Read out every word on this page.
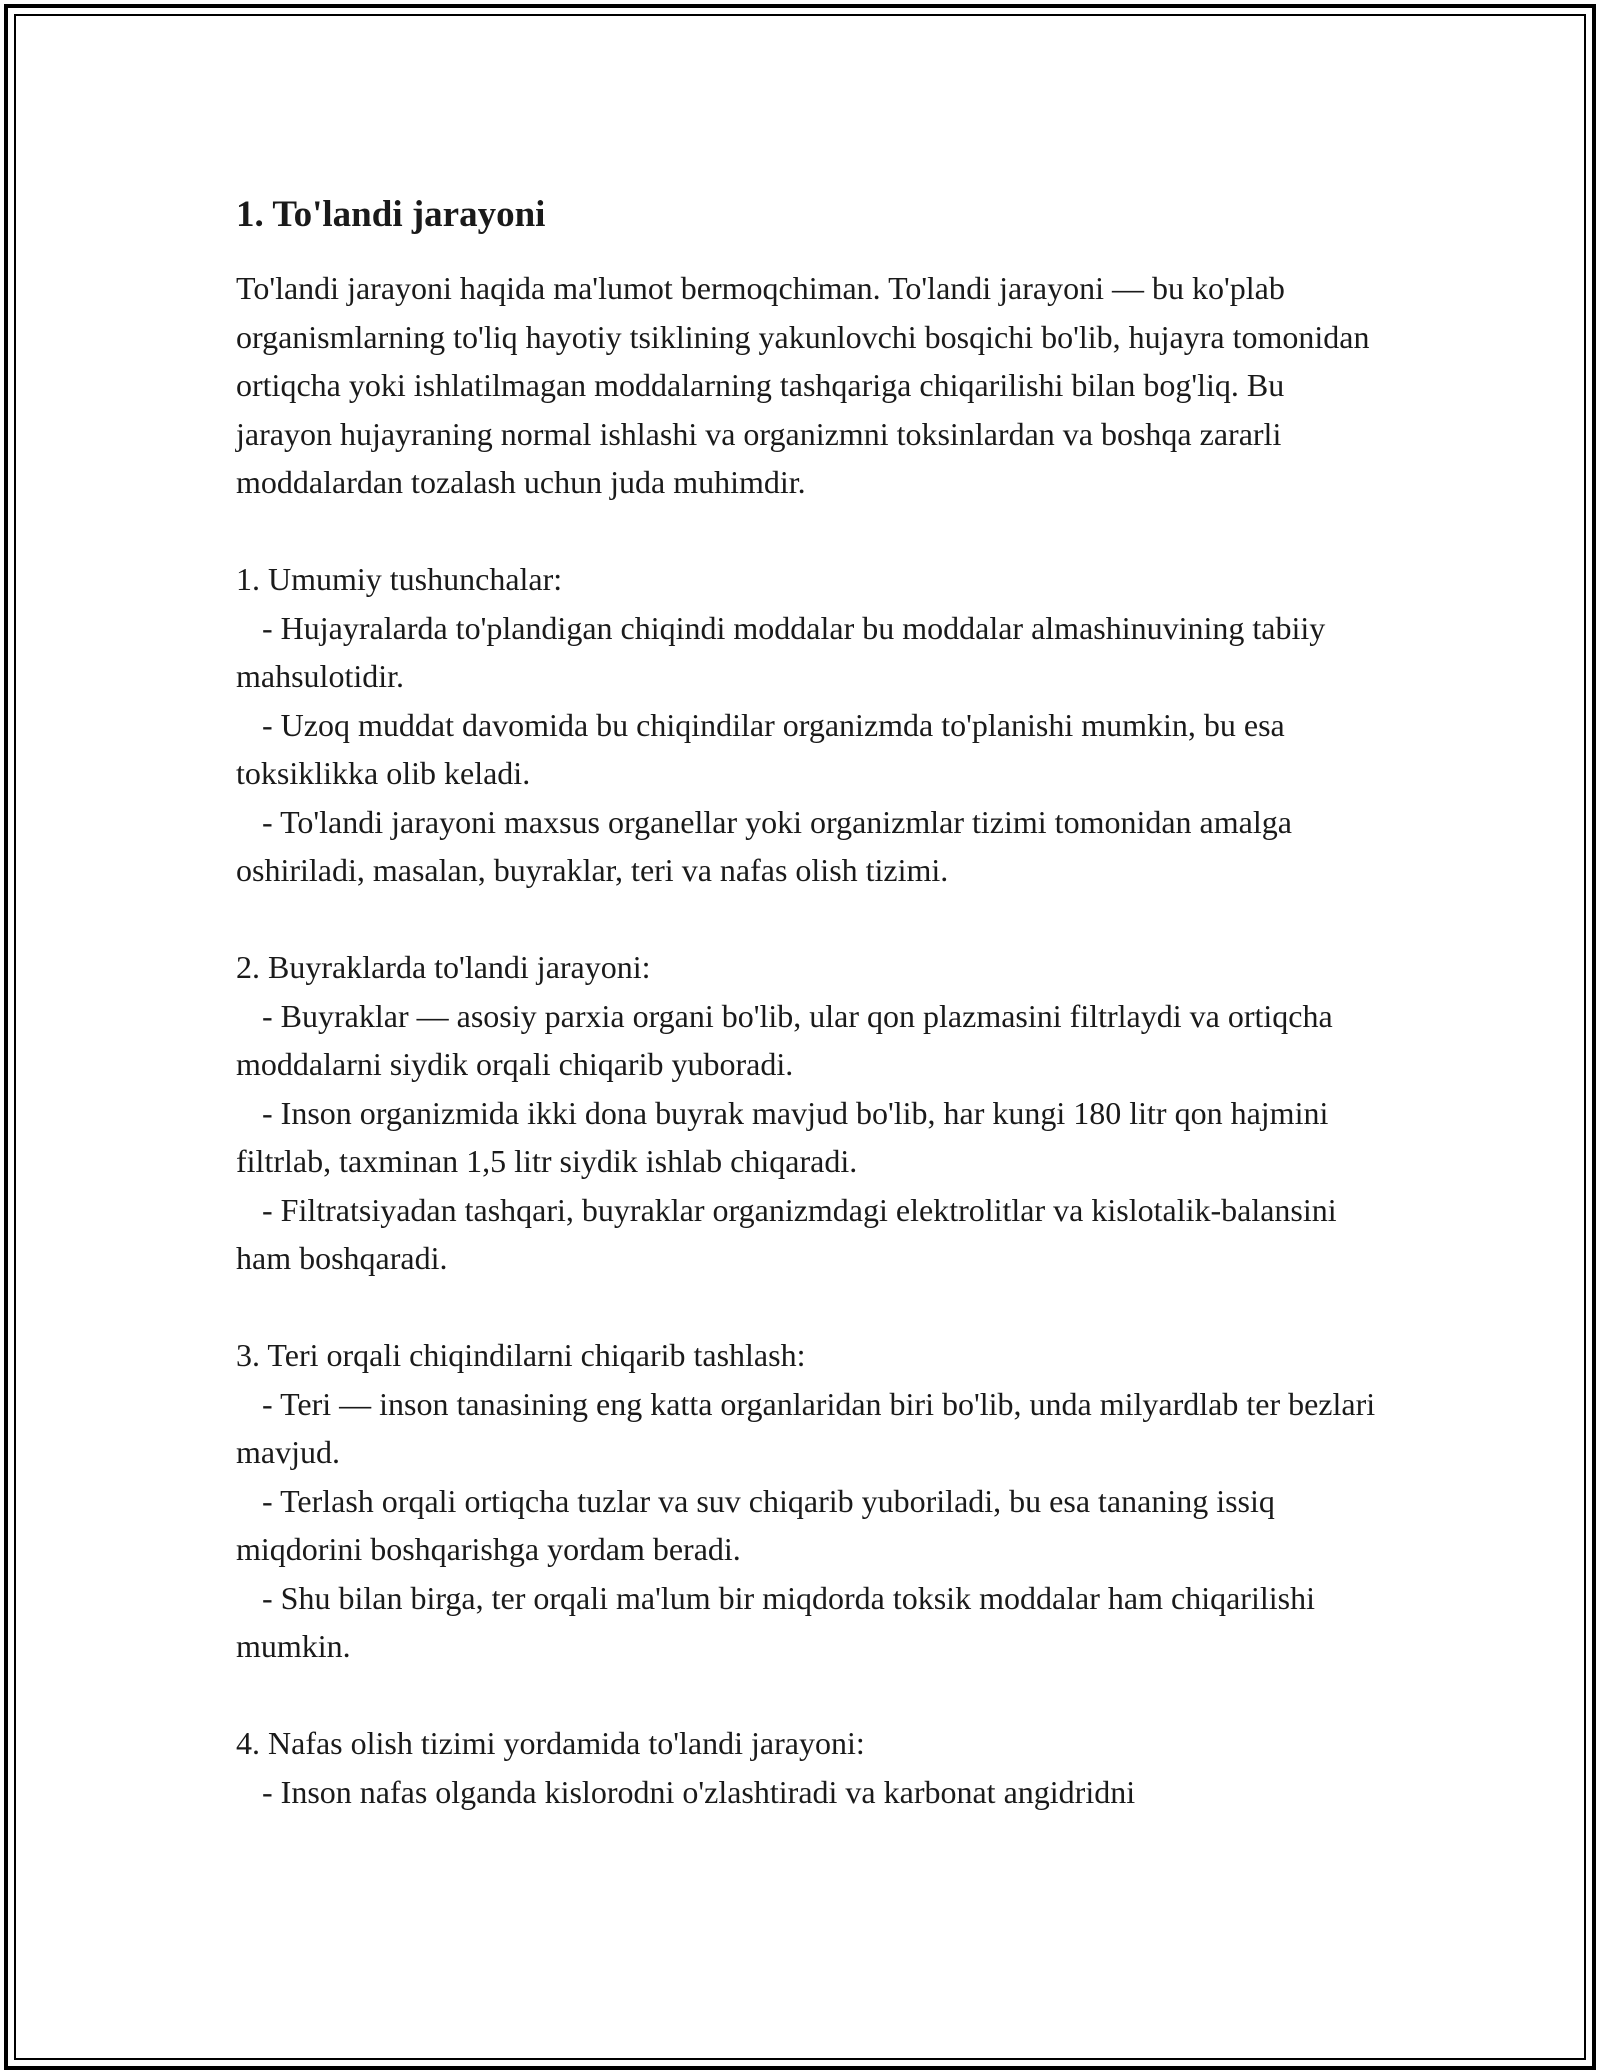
1. To'landi jarayoni

To'landi jarayoni haqida ma'lumot bermoqchiman. To'landi jarayoni — bu ko'plab organismlarning to'liq hayotiy tsiklining yakunlovchi bosqichi bo'lib, hujayra tomonidan ortiqcha yoki ishlatilmagan moddalarning tashqariga chiqarilishi bilan bog'liq. Bu jarayon hujayraning normal ishlashi va organizmni toksinlardan va boshqa zararli moddalardan tozalash uchun juda muhimdir.

1. Umumiy tushunchalar:
- Hujayralarda to'plandigan chiqindi moddalar bu moddalar almashinuvining tabiiy mahsulotidir.
- Uzoq muddat davomida bu chiqindilar organizmda to'planishi mumkin, bu esa toksiklikka olib keladi.
- To'landi jarayoni maxsus organellar yoki organizmlar tizimi tomonidan amalga oshiriladi, masalan, buyraklar, teri va nafas olish tizimi.
2. Buyraklarda to'landi jarayoni:
- Buyraklar — asosiy parxia organi bo'lib, ular qon plazmasini filtrlaydi va ortiqcha moddalarni siydik orqali chiqarib yuboradi.
- Inson organizmida ikki dona buyrak mavjud bo'lib, har kungi 180 litr qon hajmini filtrlab, taxminan 1,5 litr siydik ishlab chiqaradi.
- Filtratsiyadan tashqari, buyraklar organizmdagi elektrolitlar va kislotalik-balansini ham boshqaradi.
3. Teri orqali chiqindilarni chiqarib tashlash:
- Teri — inson tanasining eng katta organlaridan biri bo'lib, unda milyardlab ter bezlari mavjud.
- Terlash orqali ortiqcha tuzlar va suv chiqarib yuboriladi, bu esa tananing issiq miqdorini boshqarishga yordam beradi.
- Shu bilan birga, ter orqali ma'lum bir miqdorda toksik moddalar ham chiqarilishi mumkin.
4. Nafas olish tizimi yordamida to'landi jarayoni:
- Inson nafas olganda kislorodni o'zlashtiradi va karbonat angidridni
